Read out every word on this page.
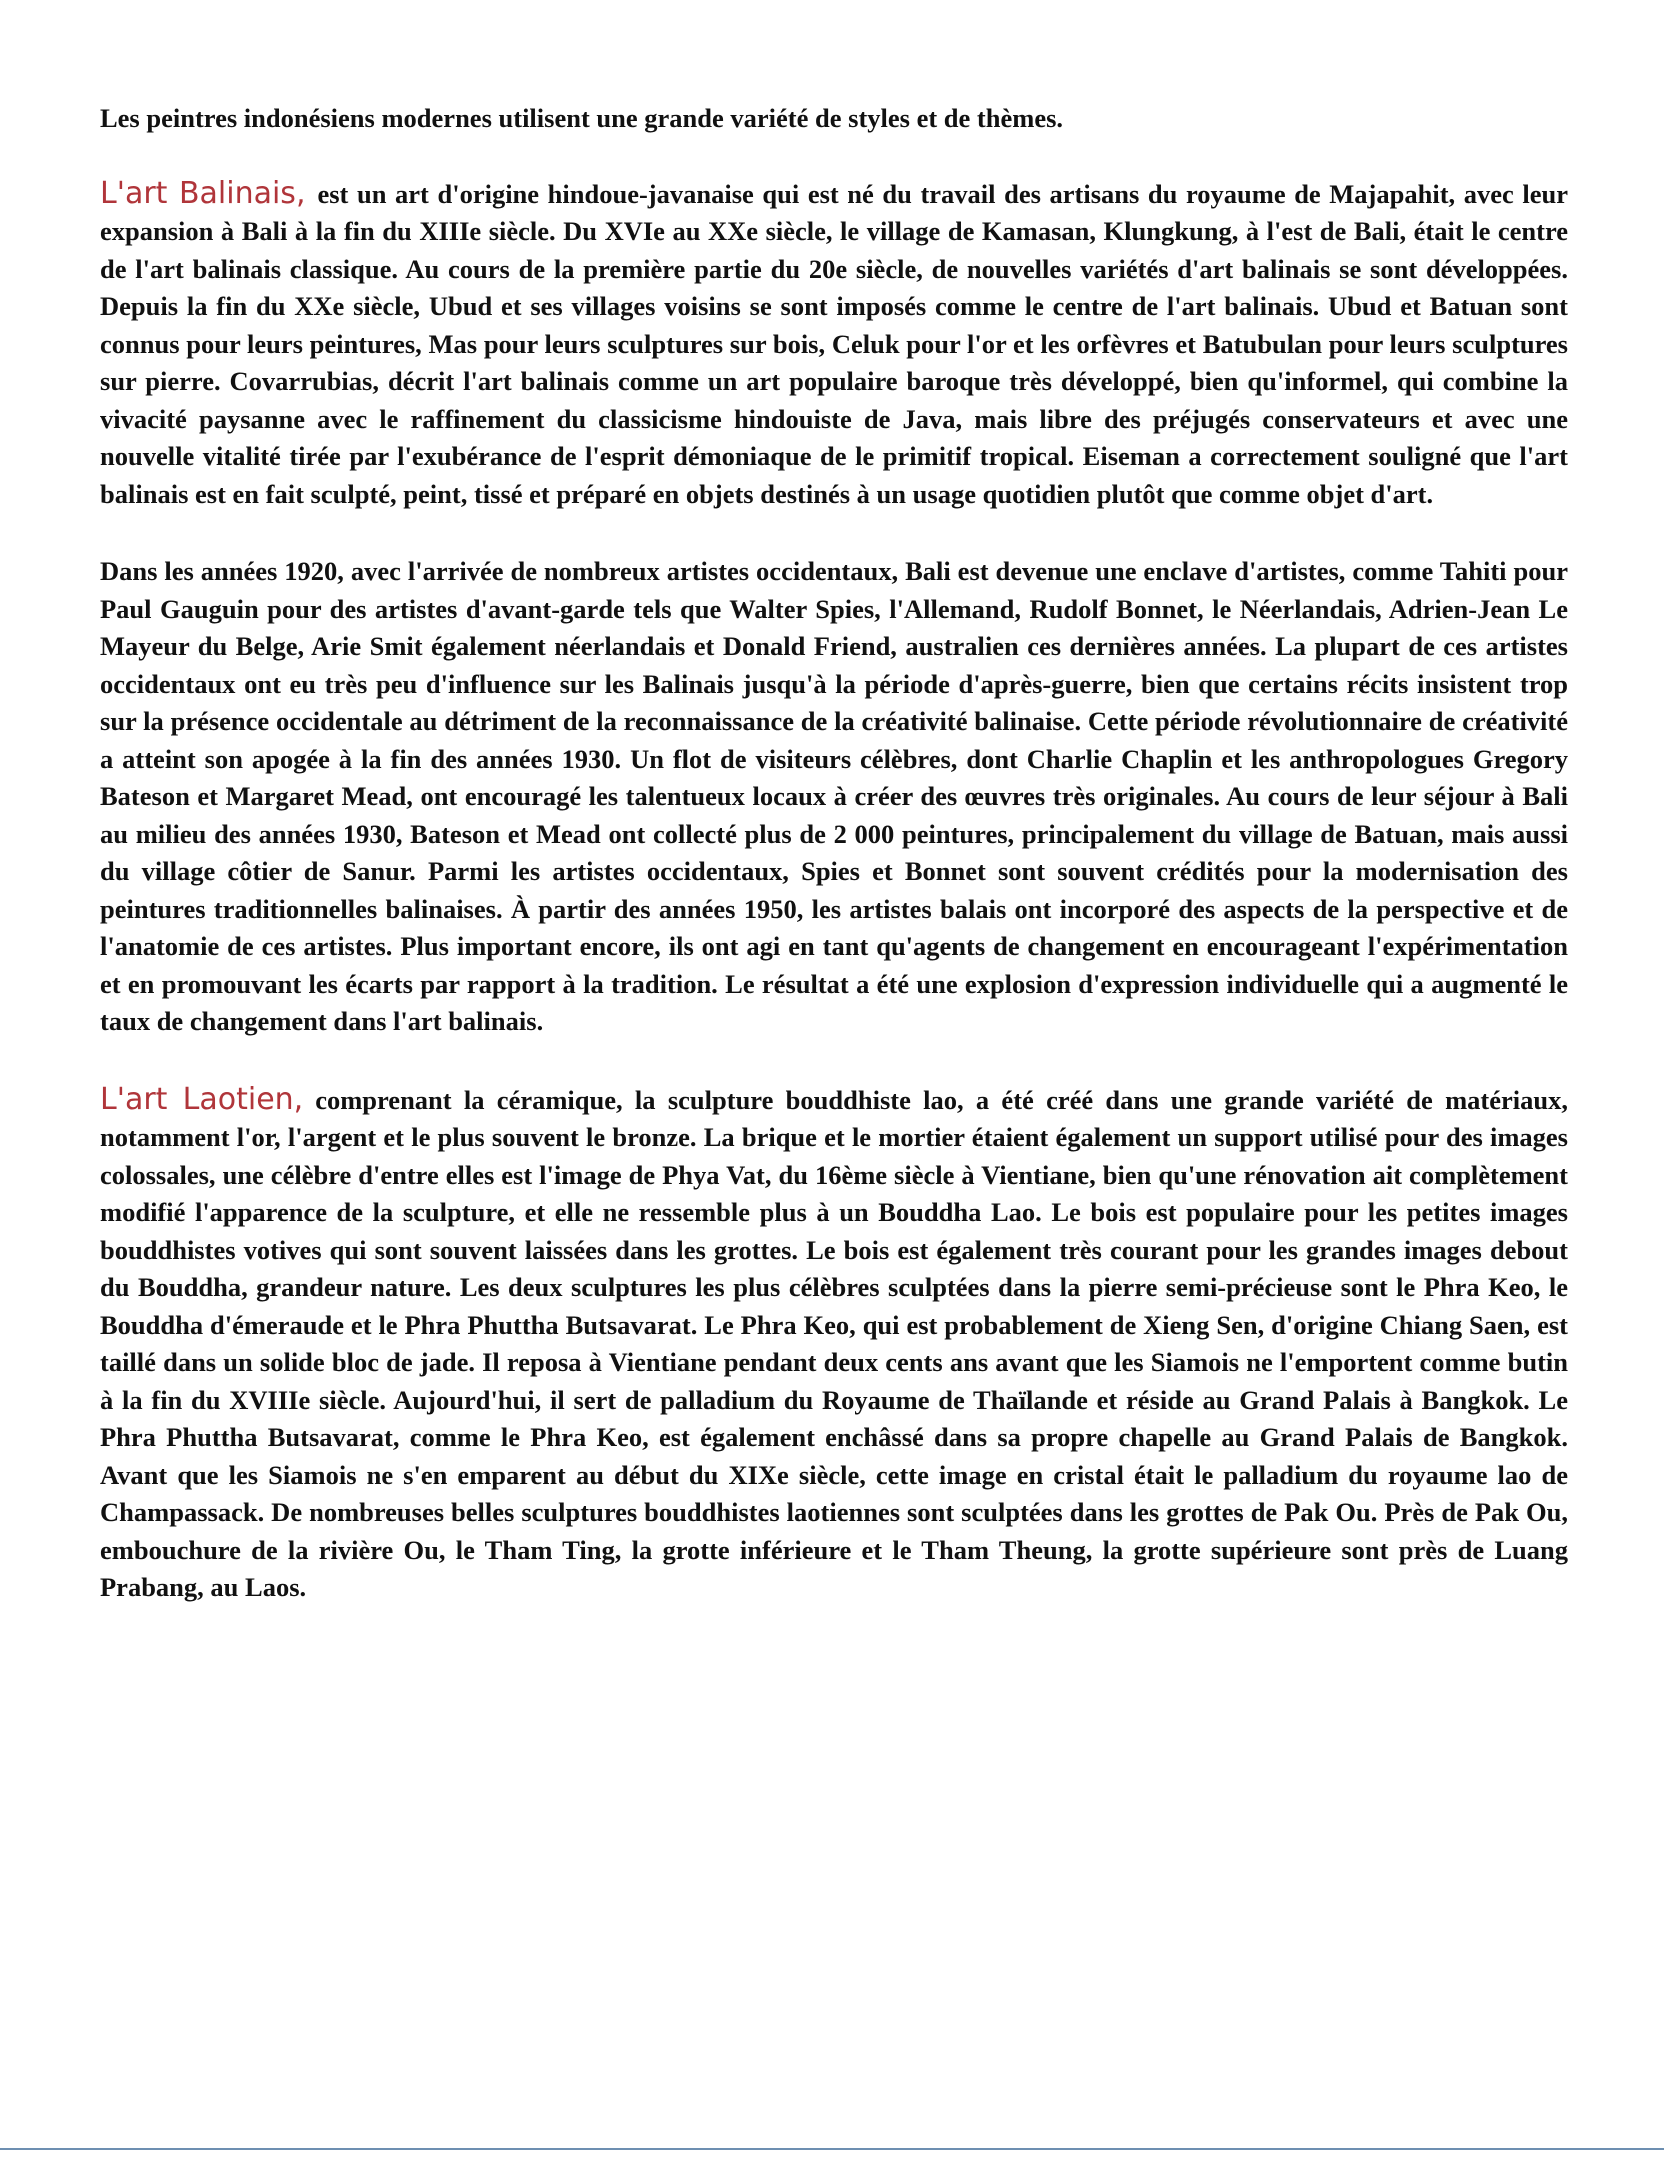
Les peintres indonésiens modernes utilisent une grande variété de styles et de thèmes.

L'art Balinais, est un art d'origine hindoue-javanaise qui est né du travail des artisans du royaume de Majapahit, avec leur expansion à Bali à la fin du XIIIe siècle. Du XVIe au XXe siècle, le village de Kamasan, Klungkung, à l'est de Bali, était le centre de l'art balinais classique. Au cours de la première partie du 20e siècle, de nouvelles variétés d'art balinais se sont développées. Depuis la fin du XXe siècle, Ubud et ses villages voisins se sont imposés comme le centre de l'art balinais. Ubud et Batuan sont connus pour leurs peintures, Mas pour leurs sculptures sur bois, Celuk pour l'or et les orfèvres et Batubulan pour leurs sculptures sur pierre. Covarrubias, décrit l'art balinais comme un art populaire baroque très développé, bien qu'informel, qui combine la vivacité paysanne avec le raffinement du classicisme hindouiste de Java, mais libre des préjugés conservateurs et avec une nouvelle vitalité tirée par l'exubérance de l'esprit démoniaque de le primitif tropical. Eiseman a correctement souligné que l'art balinais est en fait sculpté, peint, tissé et préparé en objets destinés à un usage quotidien plutôt que comme objet d'art.

Dans les années 1920, avec l'arrivée de nombreux artistes occidentaux, Bali est devenue une enclave d'artistes, comme Tahiti pour Paul Gauguin pour des artistes d'avant-garde tels que Walter Spies, l'Allemand, Rudolf Bonnet, le Néerlandais, Adrien-Jean Le Mayeur du Belge, Arie Smit également néerlandais et Donald Friend, australien ces dernières années. La plupart de ces artistes occidentaux ont eu très peu d'influence sur les Balinais jusqu'à la période d'après-guerre, bien que certains récits insistent trop sur la présence occidentale au détriment de la reconnaissance de la créativité balinaise. Cette période révolutionnaire de créativité a atteint son apogée à la fin des années 1930. Un flot de visiteurs célèbres, dont Charlie Chaplin et les anthropologues Gregory Bateson et Margaret Mead, ont encouragé les talentueux locaux à créer des œuvres très originales. Au cours de leur séjour à Bali au milieu des années 1930, Bateson et Mead ont collecté plus de 2 000 peintures, principalement du village de Batuan, mais aussi du village côtier de Sanur. Parmi les artistes occidentaux, Spies et Bonnet sont souvent crédités pour la modernisation des peintures traditionnelles balinaises. À partir des années 1950, les artistes balais ont incorporé des aspects de la perspective et de l'anatomie de ces artistes. Plus important encore, ils ont agi en tant qu'agents de changement en encourageant l'expérimentation et en promouvant les écarts par rapport à la tradition. Le résultat a été une explosion d'expression individuelle qui a augmenté le taux de changement dans l'art balinais.

L'art Laotien, comprenant la céramique, la sculpture bouddhiste lao, a été créé dans une grande variété de matériaux, notamment l'or, l'argent et le plus souvent le bronze. La brique et le mortier étaient également un support utilisé pour des images colossales, une célèbre d'entre elles est l'image de Phya Vat, du 16ème siècle à Vientiane, bien qu'une rénovation ait complètement modifié l'apparence de la sculpture, et elle ne ressemble plus à un Bouddha Lao. Le bois est populaire pour les petites images bouddhistes votives qui sont souvent laissées dans les grottes. Le bois est également très courant pour les grandes images debout du Bouddha, grandeur nature. Les deux sculptures les plus célèbres sculptées dans la pierre semi-précieuse sont le Phra Keo, le Bouddha d'émeraude et le Phra Phuttha Butsavarat. Le Phra Keo, qui est probablement de Xieng Sen, d'origine Chiang Saen, est taillé dans un solide bloc de jade. Il reposa à Vientiane pendant deux cents ans avant que les Siamois ne l'emportent comme butin à la fin du XVIIIe siècle. Aujourd'hui, il sert de palladium du Royaume de Thaïlande et réside au Grand Palais à Bangkok. Le Phra Phuttha Butsavarat, comme le Phra Keo, est également enchâssé dans sa propre chapelle au Grand Palais de Bangkok. Avant que les Siamois ne s'en emparent au début du XIXe siècle, cette image en cristal était le palladium du royaume lao de Champassack. De nombreuses belles sculptures bouddhistes laotiennes sont sculptées dans les grottes de Pak Ou. Près de Pak Ou, embouchure de la rivière Ou, le Tham Ting, la grotte inférieure et le Tham Theung, la grotte supérieure sont près de Luang Prabang, au Laos.
